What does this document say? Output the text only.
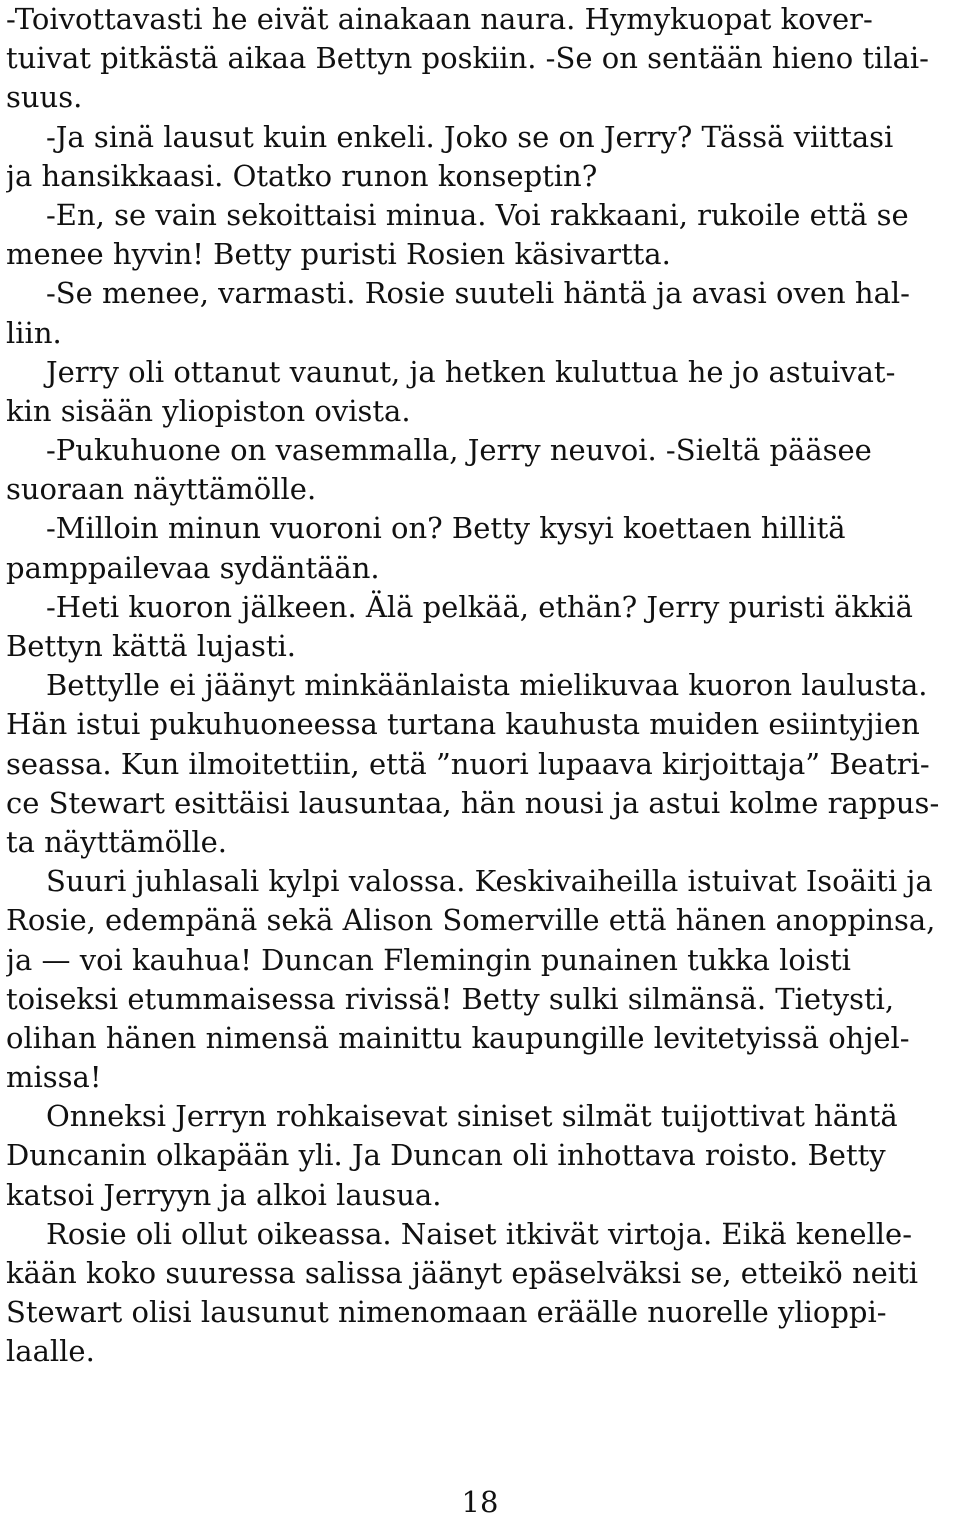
-Toivottavasti he eivät ainakaan naura. Hymykuopat kover-
tuivat pitkästä aikaa Bettyn poskiin. -Se on sentään hieno tilai-
suus.
-Ja sinä lausut kuin enkeli. Joko se on Jerry? Tässä viittasi
ja hansikkaasi. Otatko runon konseptin?
-En, se vain sekoittaisi minua. Voi rakkaani, rukoile että se
menee hyvin! Betty puristi Rosien käsivartta.
-Se menee, varmasti. Rosie suuteli häntä ja avasi oven hal-
liin.
Jerry oli ottanut vaunut, ja hetken kuluttua he jo astuivat-
kin sisään yliopiston ovista.
-Pukuhuone on vasemmalla, Jerry neuvoi. -Sieltä pääsee
suoraan näyttämölle.
-Milloin minun vuoroni on? Betty kysyi koettaen hillitä
pamppailevaa sydäntään.
-Heti kuoron jälkeen. Älä pelkää, ethän? Jerry puristi äkkiä
Bettyn kättä lujasti.
Bettylle ei jäänyt minkäänlaista mielikuvaa kuoron laulusta.
Hän istui pukuhuoneessa turtana kauhusta muiden esiintyjien
seassa. Kun ilmoitettiin, että ”nuori lupaava kirjoittaja” Beatri-
ce Stewart esittäisi lausuntaa, hän nousi ja astui kolme rappus-
ta näyttämölle.
Suuri juhlasali kylpi valossa. Keskivaiheilla istuivat Isoäiti ja
Rosie, edempänä sekä Alison Somerville että hänen anoppinsa,
ja — voi kauhua! Duncan Flemingin punainen tukka loisti
toiseksi etummaisessa rivissä! Betty sulki silmänsä. Tietysti,
olihan hänen nimensä mainittu kaupungille levitetyissä ohjel-
missa!
Onneksi Jerryn rohkaisevat siniset silmät tuijottivat häntä
Duncanin olkapään yli. Ja Duncan oli inhottava roisto. Betty
katsoi Jerryyn ja alkoi lausua.
Rosie oli ollut oikeassa. Naiset itkivät virtoja. Eikä kenelle-
kään koko suuressa salissa jäänyt epäselväksi se, etteikö neiti
Stewart olisi lausunut nimenomaan eräälle nuorelle ylioppi-
laalle.
18
